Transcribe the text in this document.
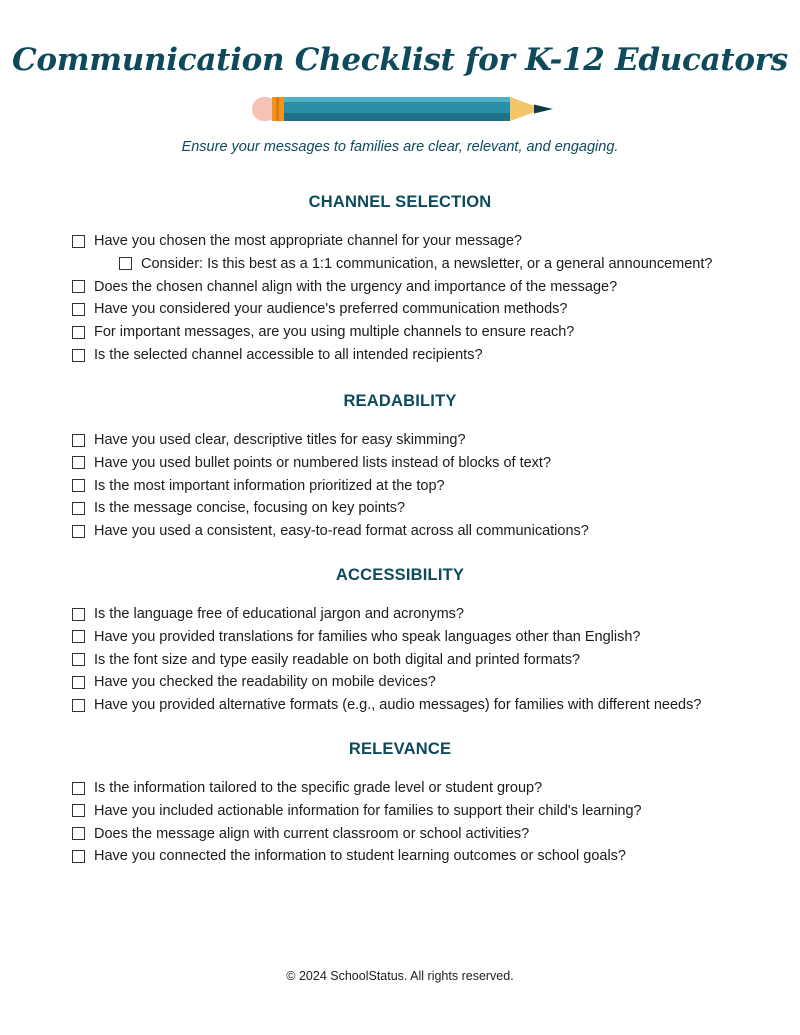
Communication Checklist for K-12 Educators
Ensure your messages to families are clear, relevant, and engaging.
CHANNEL SELECTION
Have you chosen the most appropriate channel for your message?
Consider: Is this best as a 1:1 communication, a newsletter, or a general announcement?
Does the chosen channel align with the urgency and importance of the message?
Have you considered your audience's preferred communication methods?
For important messages, are you using multiple channels to ensure reach?
Is the selected channel accessible to all intended recipients?
READABILITY
Have you used clear, descriptive titles for easy skimming?
Have you used bullet points or numbered lists instead of blocks of text?
Is the most important information prioritized at the top?
Is the message concise, focusing on key points?
Have you used a consistent, easy-to-read format across all communications?
ACCESSIBILITY
Is the language free of educational jargon and acronyms?
Have you provided translations for families who speak languages other than English?
Is the font size and type easily readable on both digital and printed formats?
Have you checked the readability on mobile devices?
Have you provided alternative formats (e.g., audio messages) for families with different needs?
RELEVANCE
Is the information tailored to the specific grade level or student group?
Have you included actionable information for families to support their child's learning?
Does the message align with current classroom or school activities?
Have you connected the information to student learning outcomes or school goals?
© 2024 SchoolStatus. All rights reserved.
